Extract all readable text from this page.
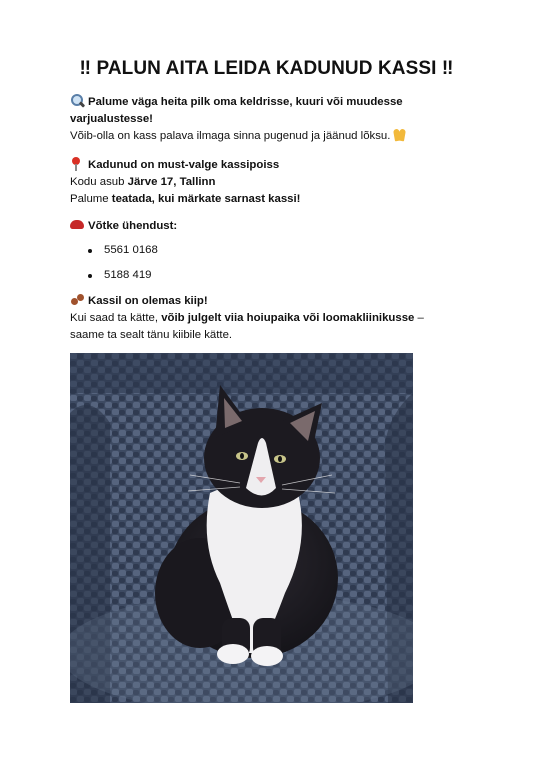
‼ PALUN AITA LEIDA KADUNUD KASSI ‼
Palume väga heita pilk oma keldrisse, kuuri või muudesse
varjualustesse!
Võib-olla on kass palava ilmaga sinna pugenud ja jäänud lõksu.
Kadunud on must-valge kassipoiss
Kodu asub Järve 17, Tallinn
Palume teatada, kui märkate sarnast kassi!
Võtke ühendust:
5561 0168
5188 419
Kassil on olemas kiip!
Kui saad ta kätte, võib julgelt viia hoiupaika või loomakliinikusse –
saame ta sealt tänu kiibile kätte.
